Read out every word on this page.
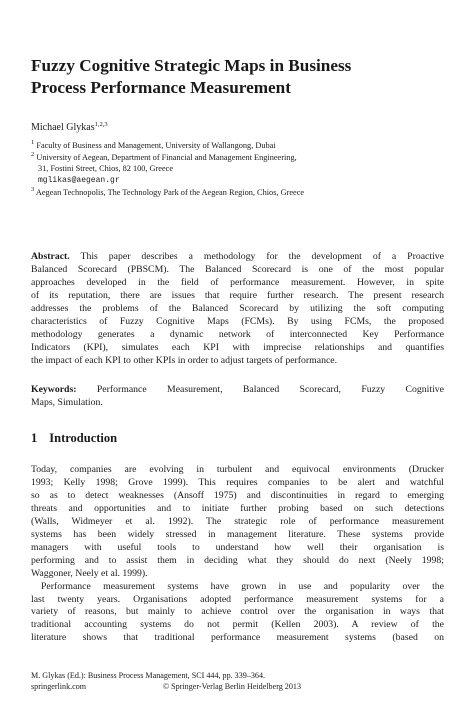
Fuzzy Cognitive Strategic Maps in Business
Process Performance Measurement
Michael Glykas$^{1,2,3}$
$^1$ Faculty of Business and Management, University of Wallangong, Dubai
$^2$ University of Aegean, Department of Financial and Management Engineering,
31, Fostini Street, Chios, 82 100, Greece
mglikas@aegean.gr
$^3$ Aegean Technopolis, The Technology Park of the Aegean Region, Chios, Greece
Abstract. This paper describes a methodology for the development of a Proactive
Balanced Scorecard (PBSCM). The Balanced Scorecard is one of the most popular
approaches developed in the field of performance measurement. However, in spite
of its reputation, there are issues that require further research. The present research
addresses the problems of the Balanced Scorecard by utilizing the soft computing
characteristics of Fuzzy Cognitive Maps (FCMs). By using FCMs, the proposed
methodology generates a dynamic network of interconnected Key Performance
Indicators (KPI), simulates each KPI with imprecise relationships and quantifies
the impact of each KPI to other KPIs in order to adjust targets of performance.
Keywords: Performance Measurement, Balanced Scorecard, Fuzzy Cognitive
Maps, Simulation.
1 Introduction
Today, companies are evolving in turbulent and equivocal environments (Drucker
1993; Kelly 1998; Grove 1999). This requires companies to be alert and watchful
so as to detect weaknesses (Ansoff 1975) and discontinuities in regard to emerging
threats and opportunities and to initiate further probing based on such detections
(Walls, Widmeyer et al. 1992). The strategic role of performance measurement
systems has been widely stressed in management literature. These systems provide
managers with useful tools to understand how well their organisation is
performing and to assist them in deciding what they should do next (Neely 1998;
Waggoner, Neely et al. 1999).
Performance measurement systems have grown in use and popularity over the
last twenty years. Organisations adopted performance measurement systems for a
variety of reasons, but mainly to achieve control over the organisation in ways that
traditional accounting systems do not permit (Kellen 2003). A review of the
literature shows that traditional performance measurement systems (based on
M. Glykas (Ed.): Business Process Management, SCI 444, pp. 339–364.
springerlink.com	© Springer-Verlag Berlin Heidelberg 2013
